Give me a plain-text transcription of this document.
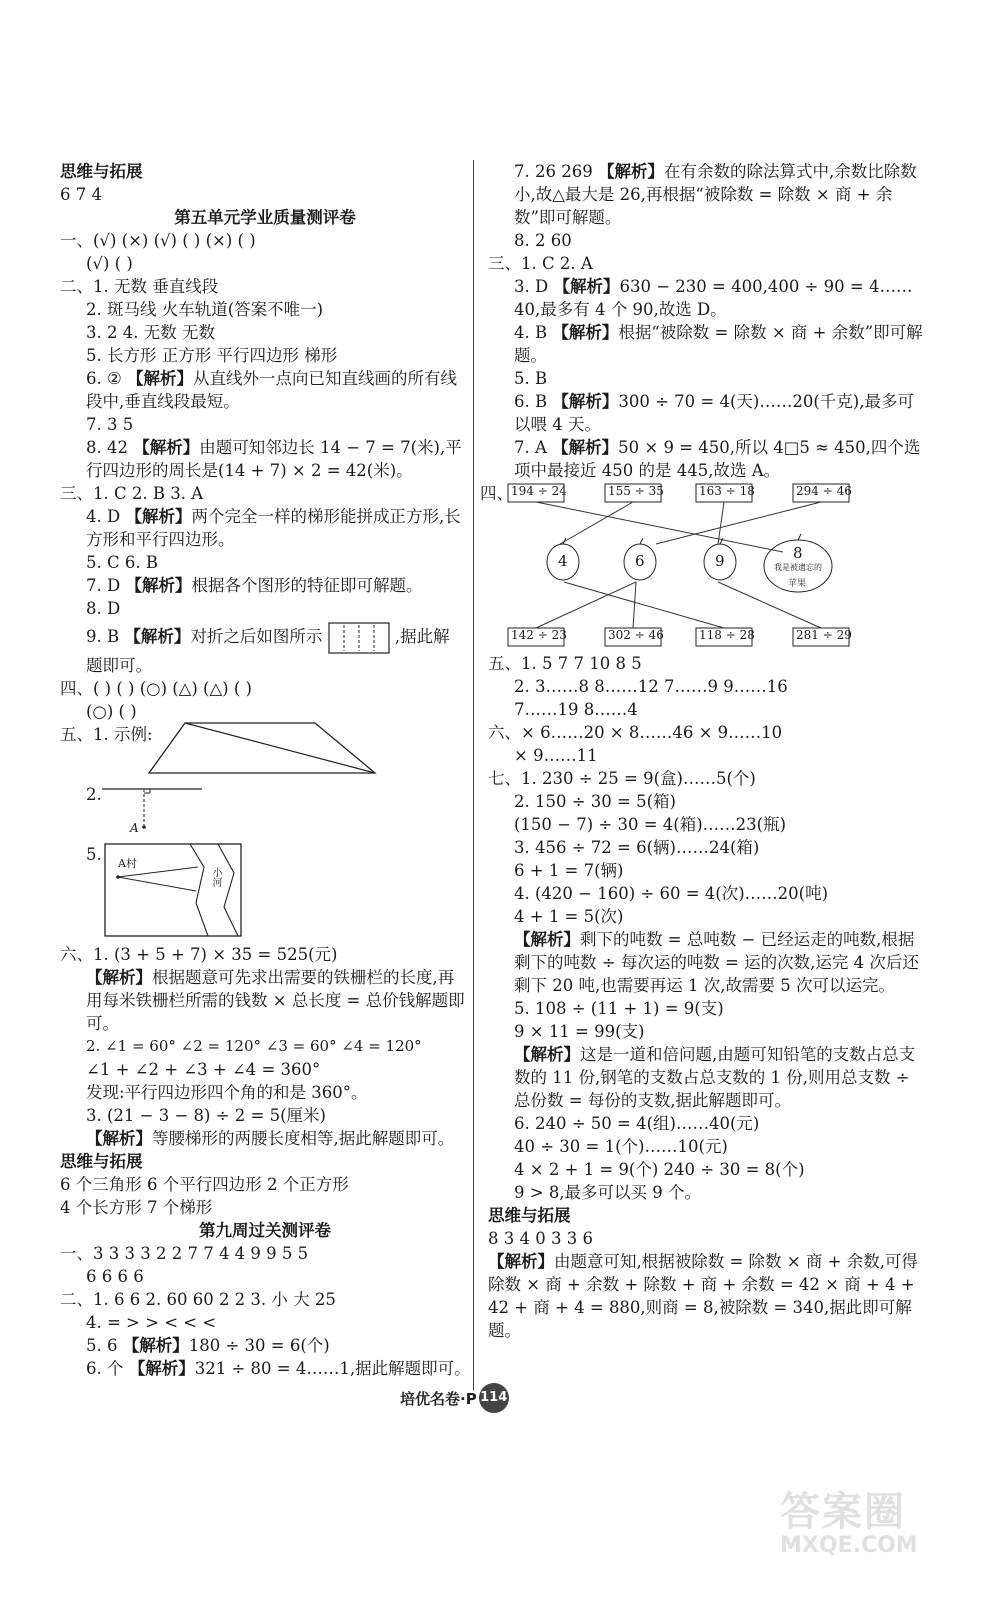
思维与拓展
6 7 4
第五单元学业质量测评卷
一、(√) (×) (√) ( ) (×) ( )
(√) ( )
二、1. 无数 垂直线段
2. 斑马线 火车轨道(答案不唯一)
3. 2 4. 无数 无数
5. 长方形 正方形 平行四边形 梯形
6. ② 【解析】从直线外一点向已知直线画的所有线段中,垂直线段最短。
7. 3 5
8. 42 【解析】由题可知邻边长 14 − 7 = 7(米),平行四边形的周长是(14 + 7) × 2 = 42(米)。
三、1. C 2. B 3. A
4. D 【解析】两个完全一样的梯形能拼成正方形,长方形和平行四边形。
5. C 6. B
7. D 【解析】根据各个图形的特征即可解题。
8. D
9. B 【解析】对折之后如图所示	,据此解
题即可。
四、( ) ( ) (○) (△) (△) ( )
(○) ( )
五、1. 示例:
2.
A
5.	A村
小河
六、1. (3 + 5 + 7) × 35 = 525(元)
【解析】根据题意可先求出需要的铁栅栏的长度,再用每米铁栅栏所需的钱数 × 总长度 = 总价钱解题即可。
2. ∠1 = 60° ∠2 = 120° ∠3 = 60° ∠4 = 120°
∠1 + ∠2 + ∠3 + ∠4 = 360°
发现:平行四边形四个角的和是 360°。
3. (21 − 3 − 8) ÷ 2 = 5(厘米)
【解析】等腰梯形的两腰长度相等,据此解题即可。
思维与拓展
6 个三角形 6 个平行四边形 2 个正方形
4 个长方形 7 个梯形
第九周过关测评卷
一、3 3 3 3 2 2 7 7 4 4 9 9 5 5
6 6 6 6
二、1. 6 6 2. 60 60 2 2 3. 小 大 25
4. = > > < < <
5. 6 【解析】180 ÷ 30 = 6(个)
6. 个 【解析】321 ÷ 80 = 4……1,据此解题即可。
7. 26 269 【解析】在有余数的除法算式中,余数比除数小,故△最大是 26,再根据“被除数 = 除数 × 商 + 余数”即可解题。
8. 2 60
三、1. C 2. A
3. D 【解析】630 − 230 = 400,400 ÷ 90 = 4……40,最多有 4 个 90,故选 D。
4. B 【解析】根据“被除数 = 除数 × 商 + 余数”即可解题。
5. B
6. B 【解析】300 ÷ 70 = 4(天)……20(千克),最多可以喂 4 天。
7. A 【解析】50 × 9 = 450,所以 4□5 ≈ 450,四个选项中最接近 450 的是 445,故选 A。
四、
194 ÷ 24	155 ÷ 35	163 ÷ 18	294 ÷ 46
4	6	9	8
我是被遗忘的
苹果
142 ÷ 23	302 ÷ 46	118 ÷ 28	281 ÷ 29
五、1. 5 7 7 10 8 5
2. 3……8 8……12 7……9 9……16
7……19 8……4
六、× 6……20 × 8……46 × 9……10
× 9……11
七、1. 230 ÷ 25 = 9(盒)……5(个)
2. 150 ÷ 30 = 5(箱)
(150 − 7) ÷ 30 = 4(箱)……23(瓶)
3. 456 ÷ 72 = 6(辆)……24(箱)
6 + 1 = 7(辆)
4. (420 − 160) ÷ 60 = 4(次)……20(吨)
4 + 1 = 5(次)
【解析】剩下的吨数 = 总吨数 − 已经运走的吨数,根据剩下的吨数 ÷ 每次运的吨数 = 运的次数,运完 4 次后还剩下 20 吨,也需要再运 1 次,故需要 5 次可以运完。
5. 108 ÷ (11 + 1) = 9(支)
9 × 11 = 99(支)
【解析】这是一道和倍问题,由题可知铅笔的支数占总支数的 11 份,钢笔的支数占总支数的 1 份,则用总支数 ÷ 总份数 = 每份的支数,据此解题即可。
6. 240 ÷ 50 = 4(组)……40(元)
40 ÷ 30 = 1(个)……10(元)
4 × 2 + 1 = 9(个) 240 ÷ 30 = 8(个)
9 > 8,最多可以买 9 个。
思维与拓展
8 3 4 0 3 3 6
【解析】由题意可知,根据被除数 = 除数 × 商 + 余数,可得除数 × 商 + 余数 + 除数 + 商 + 余数 = 42 × 商 + 4 + 42 + 商 + 4 = 880,则商 = 8,被除数 = 340,据此即可解题。
培优名卷·P 114
答案圈
MXQE.COM
